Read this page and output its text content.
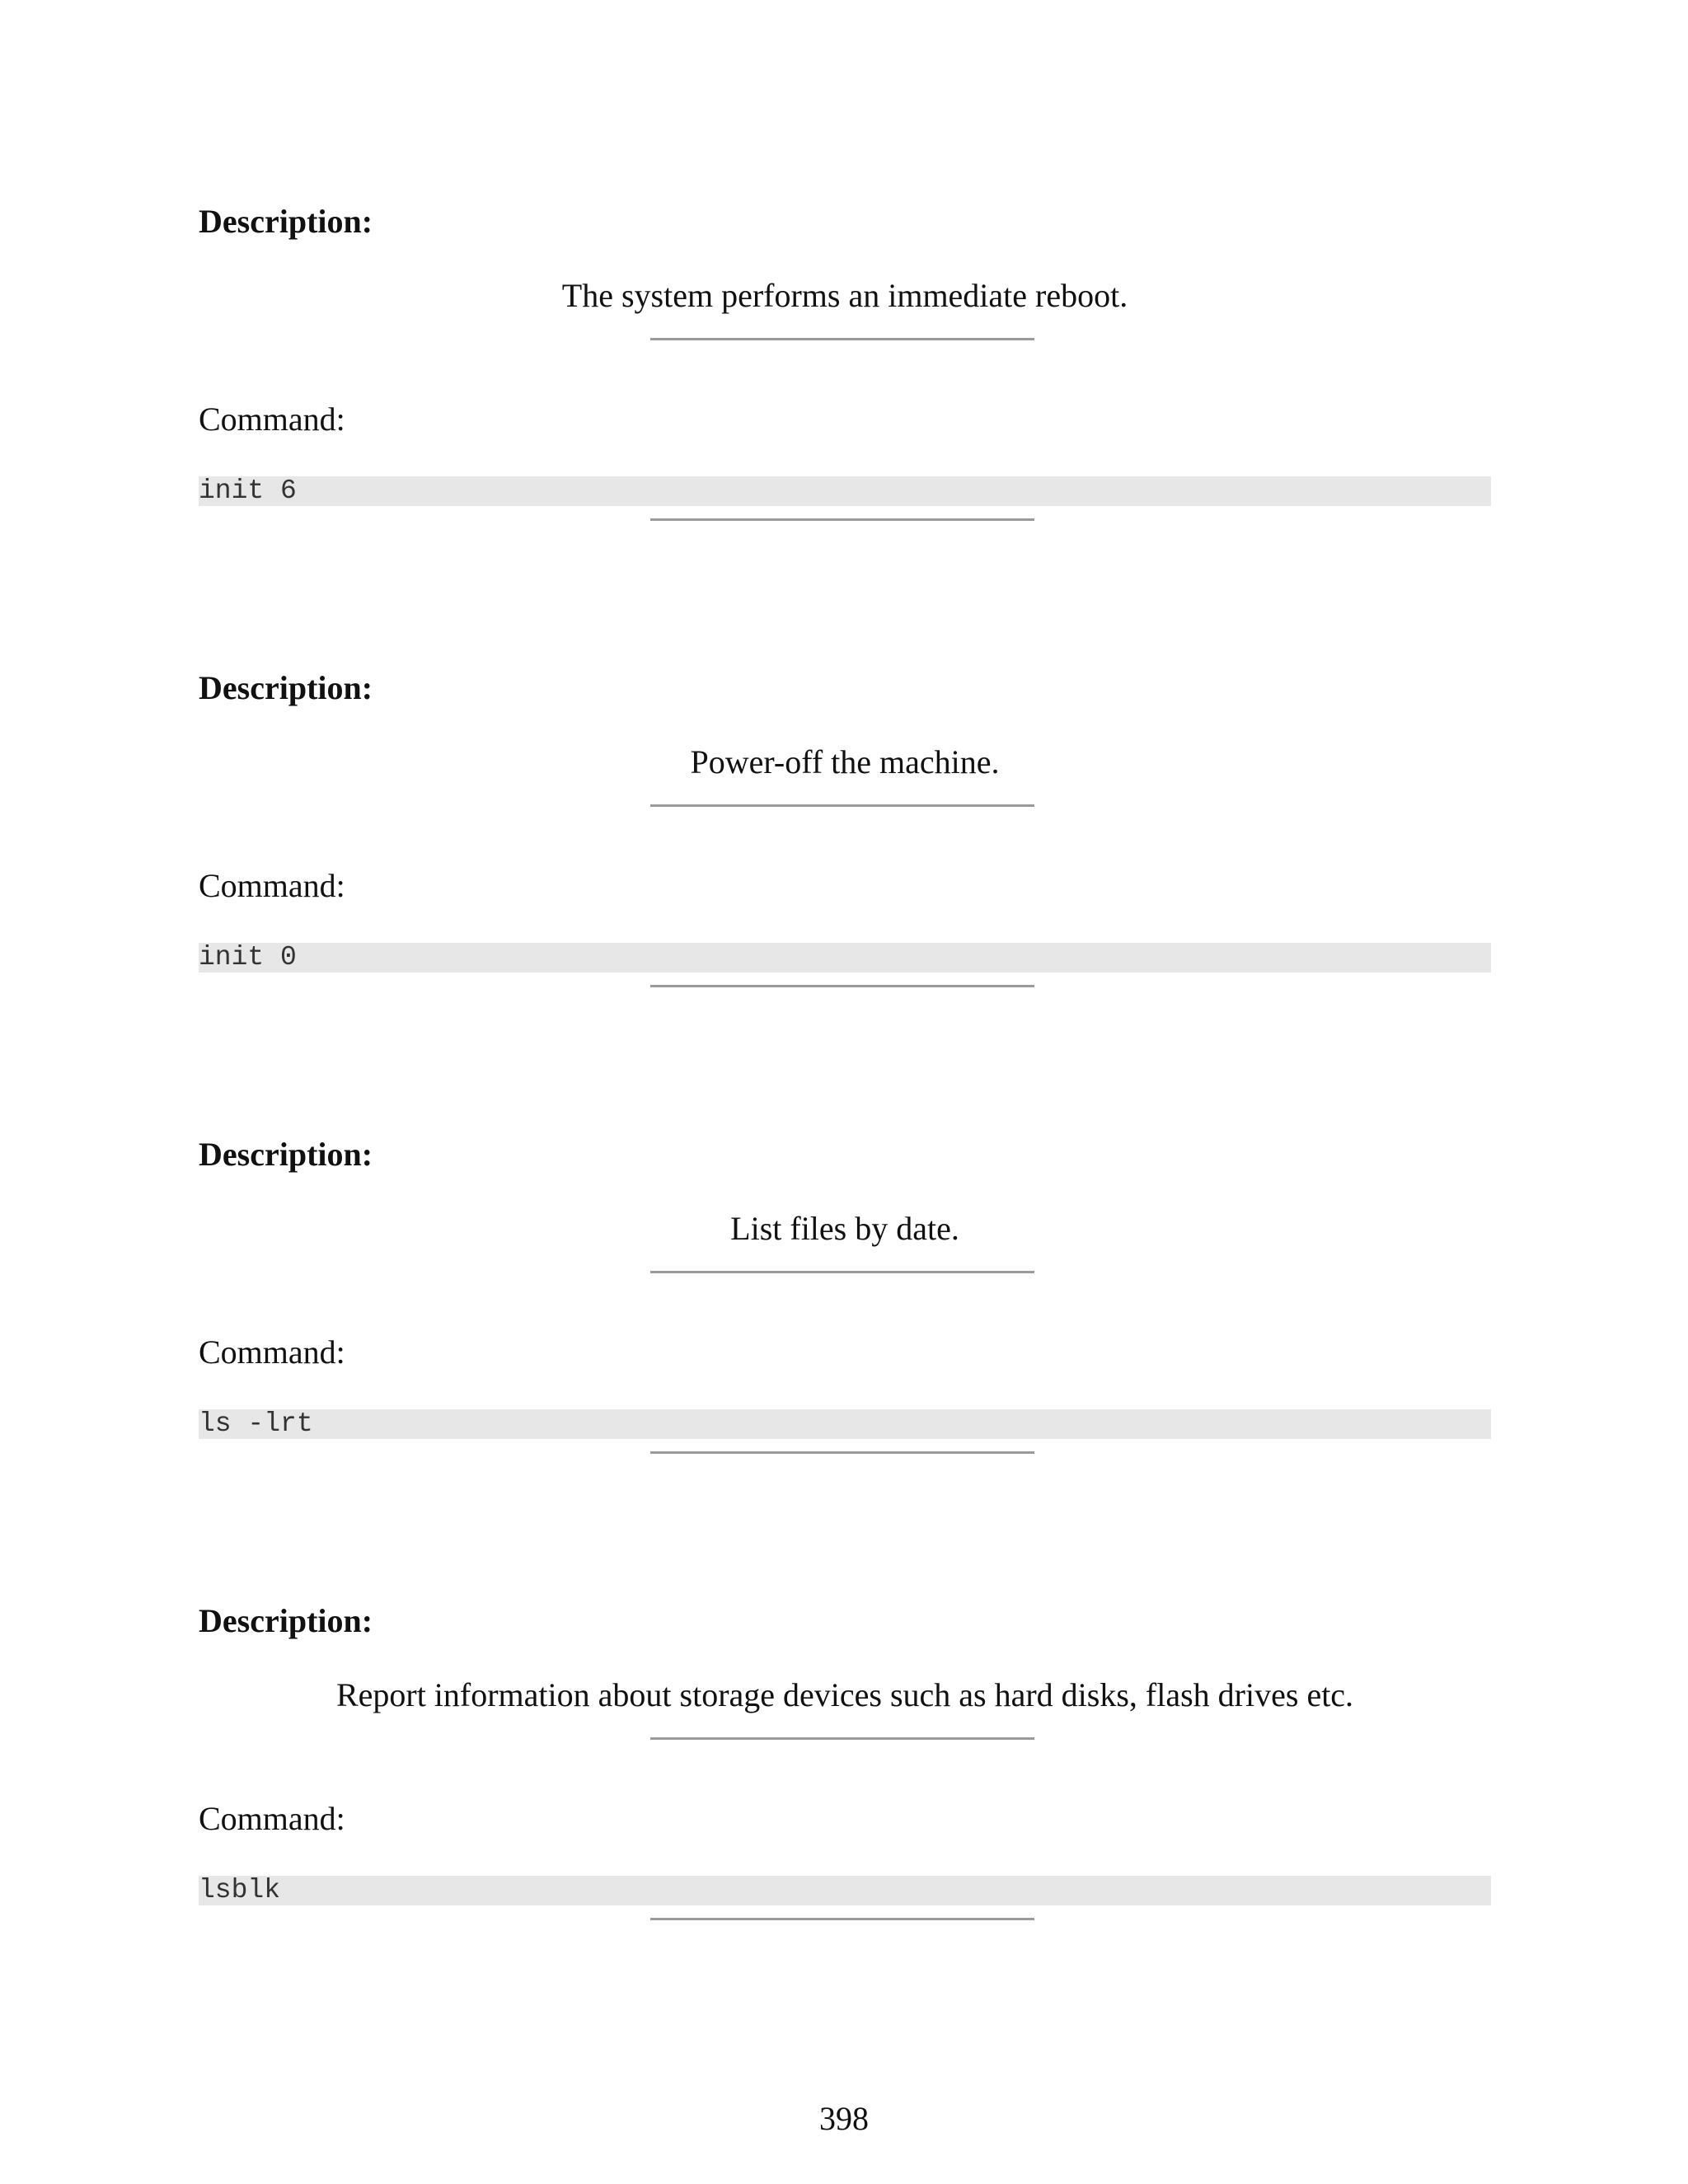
Description:
The system performs an immediate reboot.
Command:
init 6
Description:
Power-off the machine.
Command:
init 0
Description:
List files by date.
Command:
ls -lrt
Description:
Report information about storage devices such as hard disks, flash drives etc.
Command:
lsblk
398
